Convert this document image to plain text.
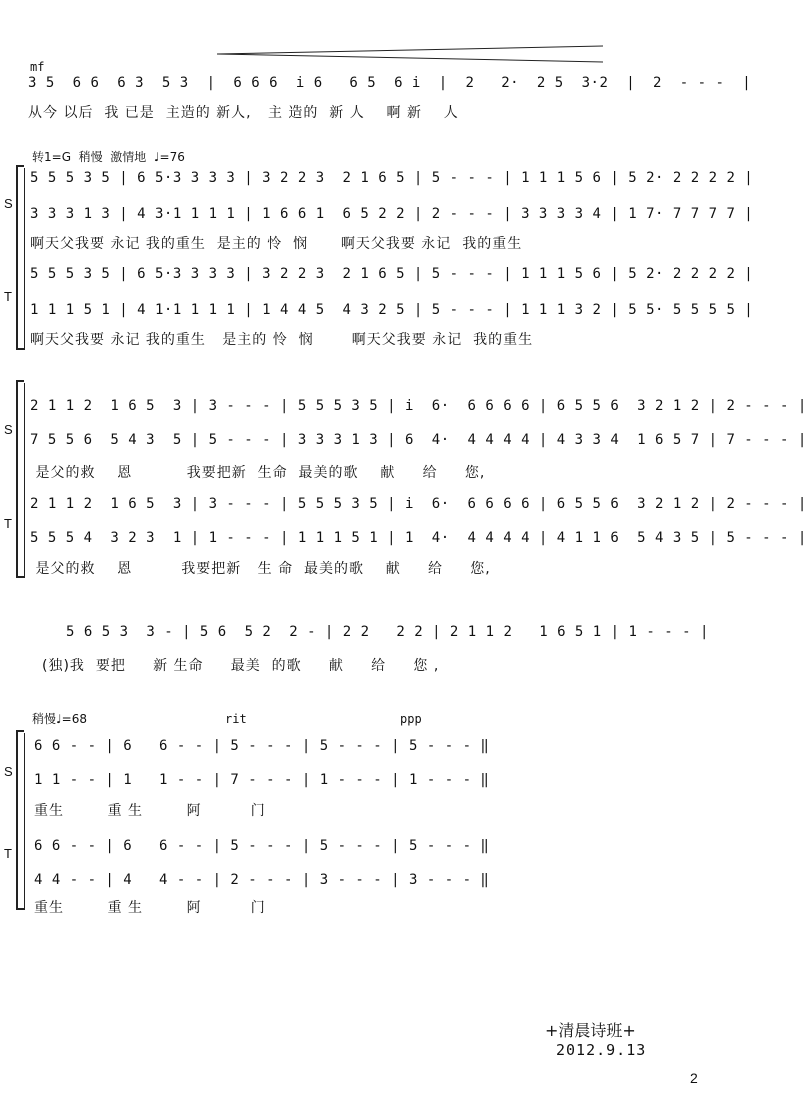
mf
3 5  6 6  6 3  5 3  |  6 6 6  i 6   6 5  6 i  |  2   2·  2 5  3·2  |  2  - - -  |
从今 以后  我 已是  主造的 新人,   主 造的  新 人    啊 新    人
转1=G  稍慢  激情地  ♩=76
S
T
5 5 5 3 5 | 6 5·3 3 3 3 | 3 2 2 3  2 1 6 5 | 5 - - - | 1 1 1 5 6 | 5 2· 2 2 2 2 |
3 3 3 1 3 | 4 3·1 1 1 1 | 1 6 6 1  6 5 2 2 | 2 - - - | 3 3 3 3 4 | 1 7· 7 7 7 7 |
啊天父我要 永记 我的重生  是主的 怜  悯      啊天父我要 永记  我的重生
5 5 5 3 5 | 6 5·3 3 3 3 | 3 2 2 3  2 1 6 5 | 5 - - - | 1 1 1 5 6 | 5 2· 2 2 2 2 |
1 1 1 5 1 | 4 1·1 1 1 1 | 1 4 4 5  4 3 2 5 | 5 - - - | 1 1 1 3 2 | 5 5· 5 5 5 5 |
啊天父我要 永记 我的重生   是主的 怜  悯       啊天父我要 永记  我的重生
S
T
2 1 1 2  1 6 5  3 | 3 - - - | 5 5 5 3 5 | i  6·  6 6 6 6 | 6 5 5 6  3 2 1 2 | 2 - - - |
7 5 5 6  5 4 3  5 | 5 - - - | 3 3 3 1 3 | 6  4·  4 4 4 4 | 4 3 3 4  1 6 5 7 | 7 - - - |
是父的救    恩          我要把新  生命  最美的歌    献     给     您,
2 1 1 2  1 6 5  3 | 3 - - - | 5 5 5 3 5 | i  6·  6 6 6 6 | 6 5 5 6  3 2 1 2 | 2 - - - |
5 5 5 4  3 2 3  1 | 1 - - - | 1 1 1 5 1 | 1  4·  4 4 4 4 | 4 1 1 6  5 4 3 5 | 5 - - - |
是父的救    恩         我要把新   生 命  最美的歌    献     给     您,
5 6 5 3  3 - | 5 6  5 2  2 - | 2 2   2 2 | 2 1 1 2   1 6 5 1 | 1 - - - |
(独)我  要把     新 生命     最美  的歌     献     给     您 ,
稍慢♩=68	rit	ppp
S
T
6 6 - - | 6   6 - - | 5 - - - | 5 - - - | 5 - - - ‖
1 1 - - | 1   1 - - | 7 - - - | 1 - - - | 1 - - - ‖
重生        重 生        阿         门
6 6 - - | 6   6 - - | 5 - - - | 5 - - - | 5 - - - ‖
4 4 - - | 4   4 - - | 2 - - - | 3 - - - | 3 - - - ‖
重生        重 生        阿         门
+清晨诗班+
2012.9.13
2
